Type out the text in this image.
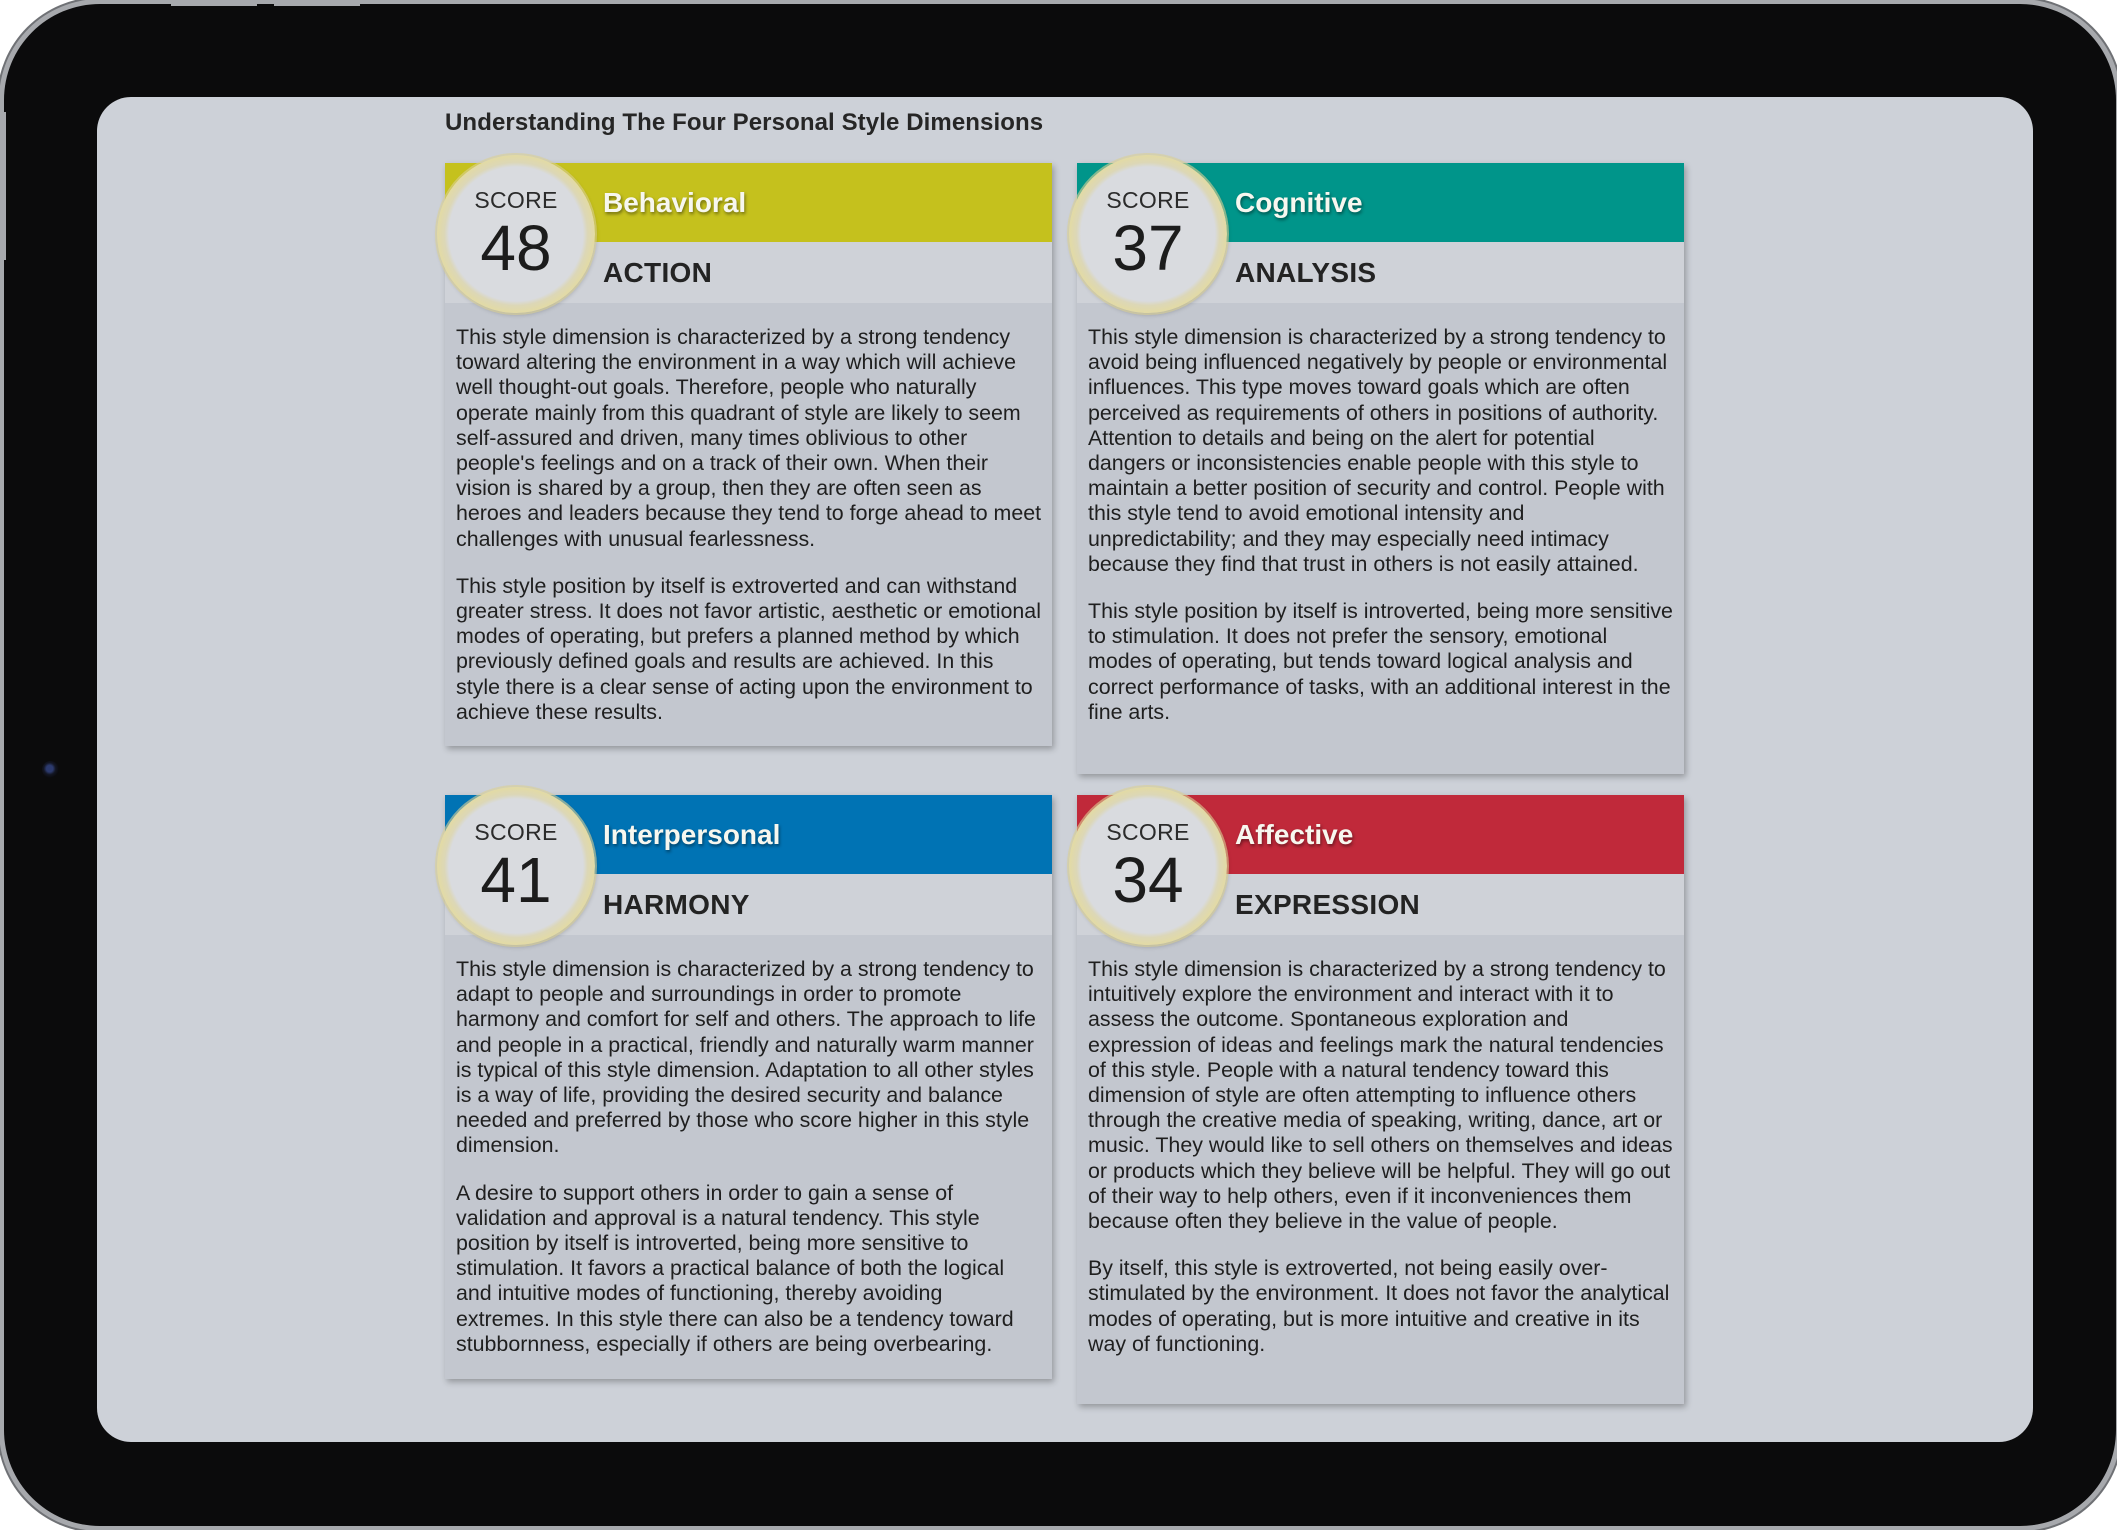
Understanding The Four Personal Style Dimensions
Behavioral
ACTION

This style dimension is characterized by a strong tendency toward altering the environment in a way which will achieve well thought-out goals. Therefore, people who naturally operate mainly from this quadrant of style are likely to seem self-assured and driven, many times oblivious to other people's feelings and on a track of their own. When their vision is shared by a group, then they are often seen as heroes and leaders because they tend to forge ahead to meet challenges with unusual fearlessness.

This style position by itself is extroverted and can withstand greater stress. It does not favor artistic, aesthetic or emotional modes of operating, but prefers a planned method by which previously defined goals and results are achieved. In this style there is a clear sense of acting upon the environment to achieve these results.

SCORE
48
Cognitive
ANALYSIS

This style dimension is characterized by a strong tendency to avoid being influenced negatively by people or environmental influences. This type moves toward goals which are often perceived as requirements of others in positions of authority. Attention to details and being on the alert for potential dangers or inconsistencies enable people with this style to maintain a better position of security and control. People with this style tend to avoid emotional intensity and unpredictability; and they may especially need intimacy because they find that trust in others is not easily attained.

This style position by itself is introverted, being more sensitive to stimulation. It does not prefer the sensory, emotional modes of operating, but tends toward logical analysis and correct performance of tasks, with an additional interest in the fine arts.

SCORE
37
Interpersonal
HARMONY

This style dimension is characterized by a strong tendency to adapt to people and surroundings in order to promote harmony and comfort for self and others. The approach to life and people in a practical, friendly and naturally warm manner is typical of this style dimension. Adaptation to all other styles is a way of life, providing the desired security and balance needed and preferred by those who score higher in this style dimension.

A desire to support others in order to gain a sense of validation and approval is a natural tendency. This style position by itself is introverted, being more sensitive to stimulation. It favors a practical balance of both the logical and intuitive modes of functioning, thereby avoiding extremes. In this style there can also be a tendency toward stubbornness, especially if others are being overbearing.

SCORE
41
Affective
EXPRESSION

This style dimension is characterized by a strong tendency to intuitively explore the environment and interact with it to assess the outcome. Spontaneous exploration and expression of ideas and feelings mark the natural tendencies of this style. People with a natural tendency toward this dimension of style are often attempting to influence others through the creative media of speaking, writing, dance, art or music. They would like to sell others on themselves and ideas or products which they believe will be helpful. They will go out of their way to help others, even if it inconveniences them because often they believe in the value of people.

By itself, this style is extroverted, not being easily over-stimulated by the environment. It does not favor the analytical modes of operating, but is more intuitive and creative in its way of functioning.

SCORE
34
